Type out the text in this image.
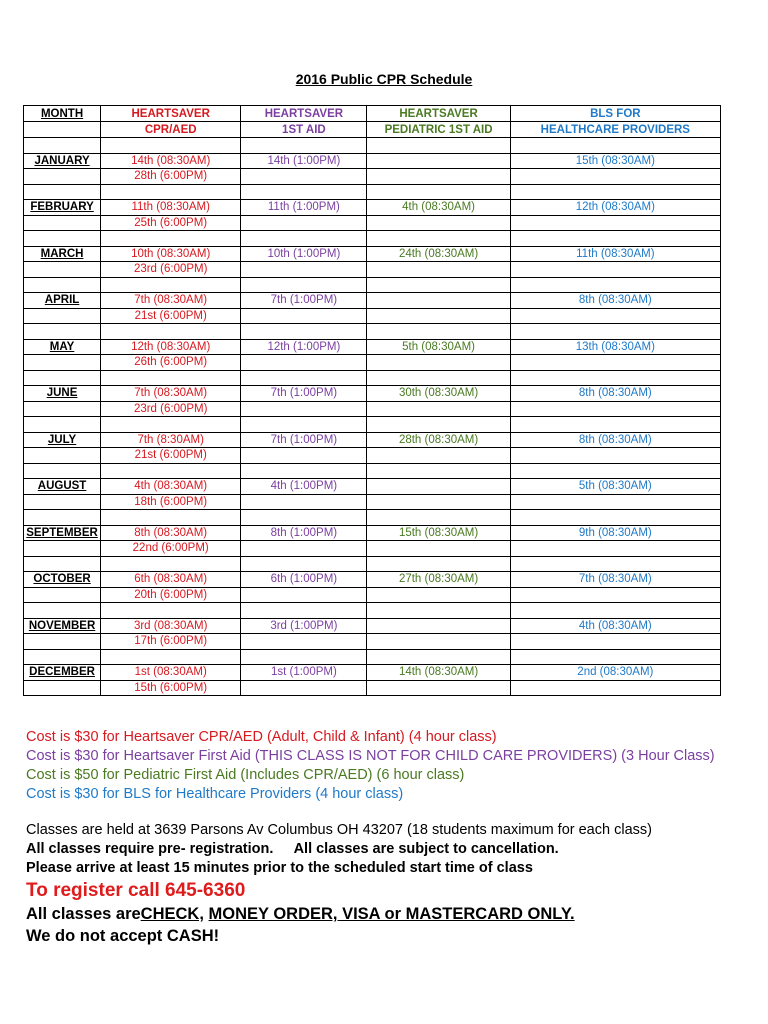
2016 Public CPR Schedule
MONTH	HEARTSAVER	HEARTSAVER	HEARTSAVER	BLS FOR
	CPR/AED	1ST AID	PEDIATRIC 1ST AID	HEALTHCARE PROVIDERS

JANUARY	14th (08:30AM)	14th (1:00PM)		15th (08:30AM)
	28th (6:00PM)			

FEBRUARY	11th (08:30AM)	11th (1:00PM)	4th (08:30AM)	12th (08:30AM)
	25th (6:00PM)			

MARCH	10th (08:30AM)	10th (1:00PM)	24th (08:30AM)	11th (08:30AM)
	23rd (6:00PM)			

APRIL	7th (08:30AM)	7th (1:00PM)		8th (08:30AM)
	21st (6:00PM)			

MAY	12th (08:30AM)	12th (1:00PM)	5th (08:30AM)	13th (08:30AM)
	26th (6:00PM)			

JUNE	7th (08:30AM)	7th (1:00PM)	30th (08:30AM)	8th (08:30AM)
	23rd (6:00PM)			

JULY	7th (8:30AM)	7th (1:00PM)	28th (08:30AM)	8th (08:30AM)
	21st (6:00PM)			

AUGUST	4th (08:30AM)	4th (1:00PM)		5th (08:30AM)
	18th (6:00PM)			

SEPTEMBER	8th (08:30AM)	8th (1:00PM)	15th (08:30AM)	9th (08:30AM)
	22nd (6:00PM)			

OCTOBER	6th (08:30AM)	6th (1:00PM)	27th (08:30AM)	7th (08:30AM)
	20th (6:00PM)			

NOVEMBER	3rd (08:30AM)	3rd (1:00PM)		4th (08:30AM)
	17th (6:00PM)			

DECEMBER	1st (08:30AM)	1st (1:00PM)	14th (08:30AM)	2nd (08:30AM)
	15th (6:00PM)			
Cost is $30 for Heartsaver CPR/AED (Adult, Child & Infant) (4 hour class)
Cost is $30 for Heartsaver First Aid (THIS CLASS IS NOT FOR CHILD CARE PROVIDERS) (3 Hour Class)
Cost is $50 for Pediatric First Aid (Includes CPR/AED) (6 hour class)
Cost is $30 for BLS for Healthcare Providers (4 hour class)
Classes are held at 3639 Parsons Av Columbus OH 43207 (18 students maximum for each class)
All classes require pre- registration. All classes are subject to cancellation.
Please arrive at least 15 minutes prior to the scheduled start time of class
To register call 645-6360
All classes areCHECK, MONEY ORDER, VISA or MASTERCARD ONLY.
We do not accept CASH!
